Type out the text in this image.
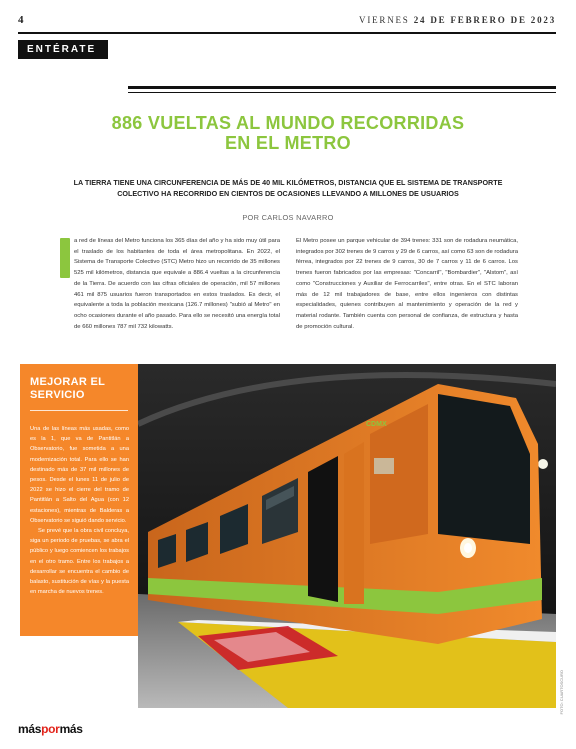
4	VIERNES 24 DE FEBRERO DE 2023
ENTÉRATE
886 VUELTAS AL MUNDO RECORRIDAS
EN EL METRO
LA TIERRA TIENE UNA CIRCUNFERENCIA DE MÁS DE 40 MIL KILÓMETROS, DISTANCIA QUE EL SISTEMA DE TRANSPORTE COLECTIVO HA RECORRIDO EN CIENTOS DE OCASIONES LLEVANDO A MILLONES DE USUARIOS
POR CARLOS NAVARRO

a red de líneas del Metro funciona los 365 días del año y ha sido muy útil para el traslado de los habitantes de toda el área metropolitana. En 2022, el Sistema de Transporte Colectivo (STC) Metro hizo un recorrido de 35 millones 525 mil kilómetros, distancia que equivale a 886.4 vueltas a la circunferencia de la Tierra. De acuerdo con las cifras oficiales de operación, mil 57 millones 461 mil 875 usuarios fueron transportados en estos traslados. Es decir, el equivalente a toda la población mexicana (126.7 millones) "subió al Metro" en ocho ocasiones durante el año pasado. Para ello se necesitó una energía total de 660 millones 787 mil 732 kilowatts.

El Metro posee un parque vehicular de 394 trenes: 331 son de rodadura neumática, integrados por 302 trenes de 9 carros y 29 de 6 carros, así como 63 son de rodadura férrea, integrados por 22 trenes de 9 carros, 30 de 7 carros y 11 de 6 carros. Los trenes fueron fabricados por las empresas: "Concarril", "Bombardier", "Alstom", así como "Construcciones y Auxiliar de Ferrocarriles", entre otras. En el STC laboran más de 12 mil trabajadores de base, entre ellos ingenieros con distintas especialidades, quienes contribuyen al mantenimiento y operación de la red y material rodante. También cuenta con personal de confianza, de estructura y hasta de promoción cultural.

MEJORAR EL SERVICIO

Una de las líneas más usadas, como es la 1, que va de Pantitlán a Observatorio, fue sometida a una modernización total. Para ello se han destinado más de 37 mil millones de pesos. Desde el lunes 11 de julio de 2022 se hizo el cierre del tramo de Pantitlán a Salto del Agua (con 12 estaciones), mientras de Balderas a Observatorio se siguió dando servicio.

Se prevé que la obra civil concluya, siga un periodo de pruebas, se abra el público y luego comiencen los trabajos en el otro tramo. Entre los trabajos a desarrollar se encuentra el cambio de balasto, sustitución de vías y la puesta en marcha de nuevos trenes.

CDMX
FOTO: CUARTOSCURO
máspormás
